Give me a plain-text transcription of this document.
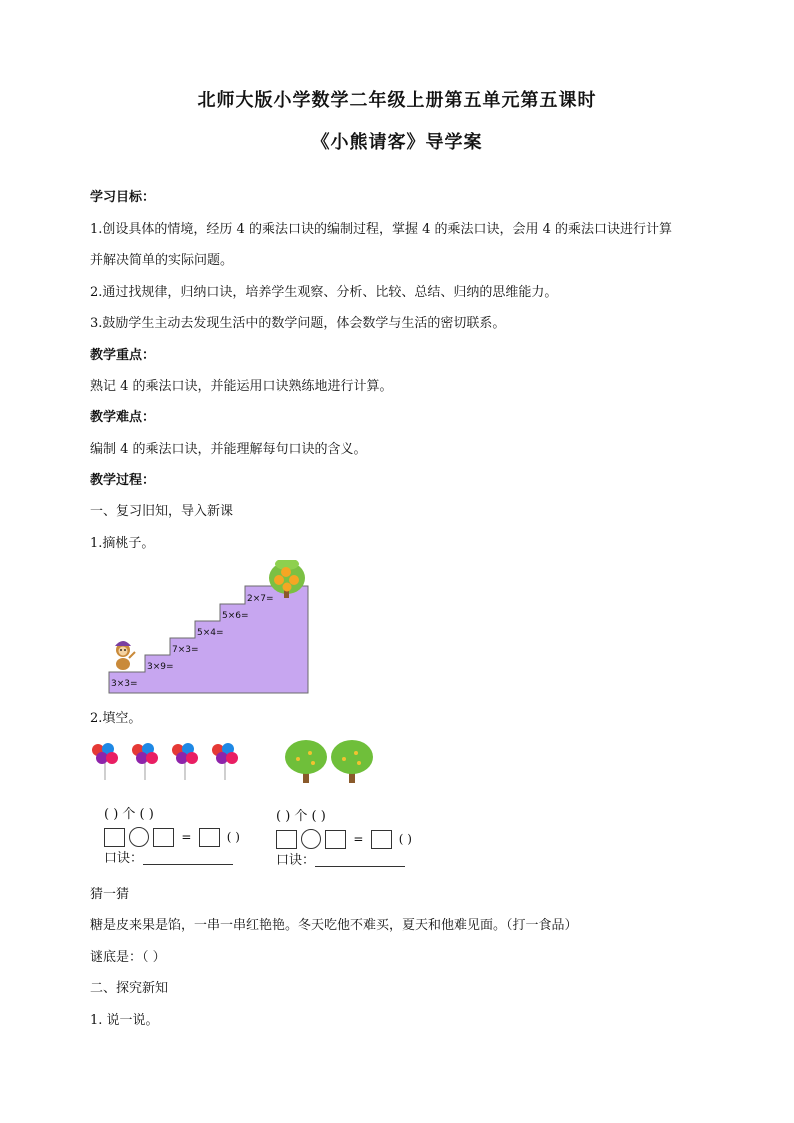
北师大版小学数学二年级上册第五单元第五课时
《小熊请客》导学案
学习目标：
1.创设具体的情境，经历 4 的乘法口诀的编制过程，掌握 4 的乘法口诀，会用 4 的乘法口诀进行计算
并解决简单的实际问题。
2.通过找规律，归纳口诀，培养学生观察、分析、比较、总结、归纳的思维能力。
3.鼓励学生主动去发现生活中的数学问题，体会数学与生活的密切联系。
教学重点：
熟记 4 的乘法口诀，并能运用口诀熟练地进行计算。
教学难点：
编制 4 的乘法口诀，并能理解每句口诀的含义。
教学过程：
一、复习旧知，导入新课
1.摘桃子。
3×3=
3×9=
7×3=
5×4=
5×6=
2×7=
2.填空。
( ) 个 ( )
=	( )
口诀：
( ) 个 ( )
=	( )
口诀：
猜一猜
糖是皮来果是馅，一串一串红艳艳。冬天吃他不难买，夏天和他难见面。（打一食品）
谜底是：（ ）
二、探究新知
1. 说一说。
